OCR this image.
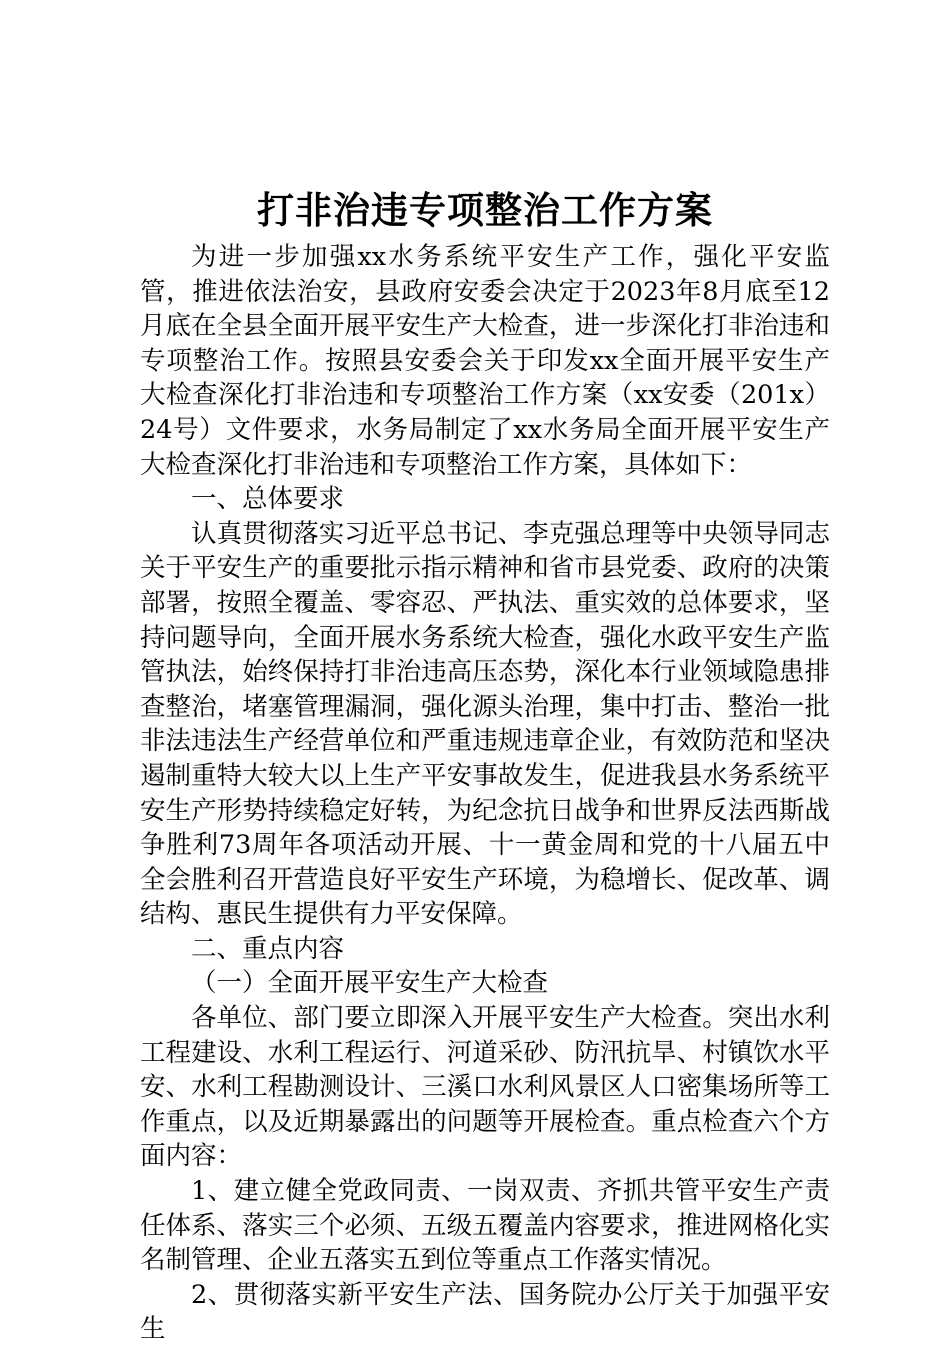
打非治违专项整治工作方案

为进一步加强xx水务系统平安生产工作，强化平安监管，推进依法治安，县政府安委会决定于2023年8月底至12月底在全县全面开展平安生产大检查，进一步深化打非治违和专项整治工作。按照县安委会关于印发xx全面开展平安生产大检查深化打非治违和专项整治工作方案（xx安委（201x）24号）文件要求，水务局制定了xx水务局全面开展平安生产大检查深化打非治违和专项整治工作方案，具体如下：

一、总体要求

认真贯彻落实习近平总书记、李克强总理等中央领导同志关于平安生产的重要批示指示精神和省市县党委、政府的决策部署，按照全覆盖、零容忍、严执法、重实效的总体要求，坚持问题导向，全面开展水务系统大检查，强化水政平安生产监管执法，始终保持打非治违高压态势，深化本行业领域隐患排查整治，堵塞管理漏洞，强化源头治理，集中打击、整治一批非法违法生产经营单位和严重违规违章企业，有效防范和坚决遏制重特大较大以上生产平安事故发生，促进我县水务系统平安生产形势持续稳定好转，为纪念抗日战争和世界反法西斯战争胜利73周年各项活动开展、十一黄金周和党的十八届五中全会胜利召开营造良好平安生产环境，为稳增长、促改革、调结构、惠民生提供有力平安保障。

二、重点内容

（一）全面开展平安生产大检查

各单位、部门要立即深入开展平安生产大检查。突出水利工程建设、水利工程运行、河道采砂、防汛抗旱、村镇饮水平安、水利工程勘测设计、三溪口水利风景区人口密集场所等工作重点，以及近期暴露出的问题等开展检查。重点检查六个方面内容：

1、建立健全党政同责、一岗双责、齐抓共管平安生产责任体系、落实三个必须、五级五覆盖内容要求，推进网格化实名制管理、企业五落实五到位等重点工作落实情况。

2、贯彻落实新平安生产法、国务院办公厅关于加强平安生
